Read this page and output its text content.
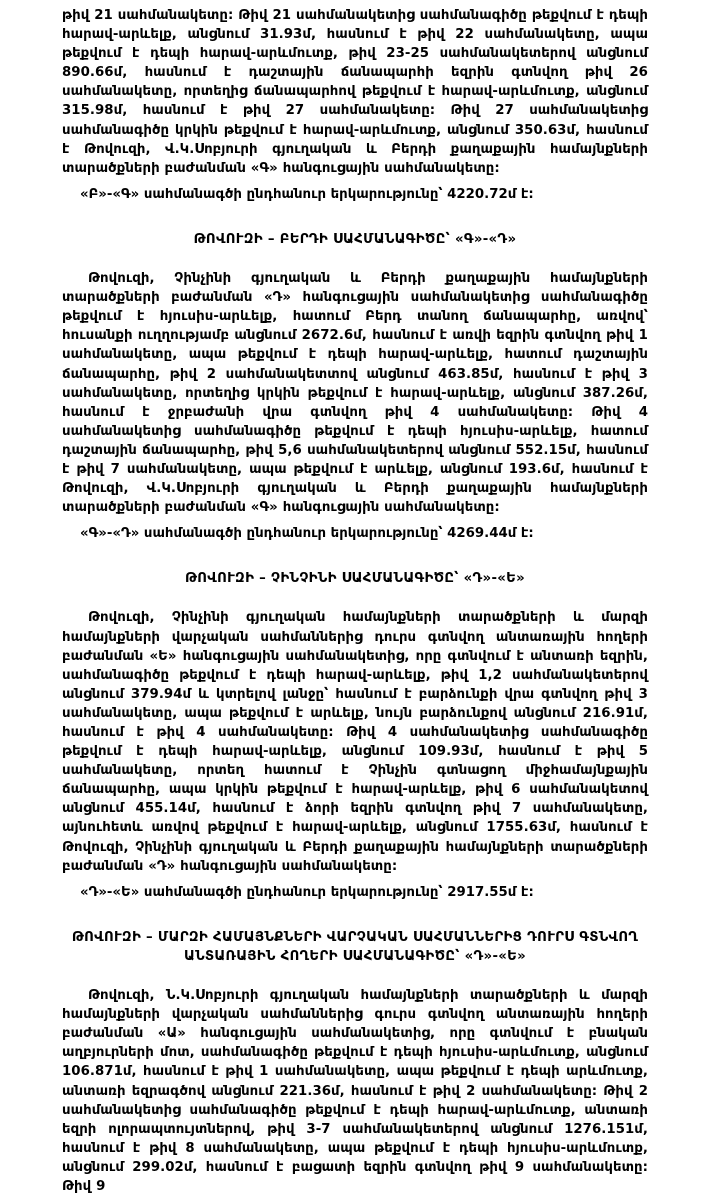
թիվ 21 սահմանակետը: Թիվ 21 սահմանակետից սահմանագիծը թեքվում է դեպի հարավ-արևելք, անցնում 31.93մ, հասնում է թիվ 22 սահմանակետը, ապա թեքվում է դեպի հարավ-արևմուտք, թիվ 23-25 սահմանակետերով անցնում 890.66մ, հասնում է դաշտային ճանապարհի եզրին գտնվող թիվ 26 սահմանակետը, որտեղից ճանապարհով թեքվում է հարավ-արևմուտք, անցնում 315.98մ, հասնում է թիվ 27 սահմանակետը: Թիվ 27 սահմանակետից սահմանագիծը կրկին թեքվում է հարավ-արևմուտք, անցնում 350.63մ, հասնում է Թովուզի, Վ.Կ.Սոբյուրի գյուղական և Բերդի քաղաքային համայնքների տարածքների բաժանման «Գ» հանգուցային սահմանակետը:

«Բ»-«Գ» սահմանագծի ընդհանուր երկարությունը՝ 4220.72մ է:

ԹՈՎՈՒԶԻ – ԲԵՐԴԻ ՍԱՀՄԱՆԱԳԻԾԸ՝ «Գ»-«Դ»

Թովուզի, Չինչինի գյուղական և Բերդի քաղաքային համայնքների տարածքների բաժանման «Դ» հանգուցային սահմանակետից սահմանագիծը թեքվում է հյուսիս-արևելք, հատում Բերդ տանող ճանապարհը, առվով՝ հուսանքի ուղղությամբ անցնում 2672.6մ, հասնում է առվի եզրին գտնվող թիվ 1 սահմանակետը, ապա թեքվում է դեպի հարավ-արևելք, հատում դաշտային ճանապարհը, թիվ 2 սահմանակետտով անցնում 463.85մ, հասնում է թիվ 3 սահմանակետը, որտեղից կրկին թեքվում է հարավ-արևելք, անցնում 387.26մ, հասնում է ջրբաժանի վրա գտնվող թիվ 4 սահմանակետը: Թիվ 4 սահմանակետից սահմանագիծը թեքվում է դեպի հյուսիս-արևելք, հատում դաշտային ճանապարհը, թիվ 5,6 սահմանակետերով անցնում 552.15մ, հասնում է թիվ 7 սահմանակետը, ապա թեքվում է արևելք, անցնում 193.6մ, հասնում է Թովուզի, Վ.Կ.Սոբյուրի գյուղական և Բերդի քաղաքային համայնքների տարածքների բաժանման «Գ» հանգուցային սահմանակետը:

«Գ»-«Դ» սահմանագծի ընդհանուր երկարությունը՝ 4269.44մ է:

ԹՈՎՈՒԶԻ – ՉԻՆՉԻՆԻ ՍԱՀՄԱՆԱԳԻԾԸ՝ «Դ»-«Ե»

Թովուզի, Չինչինի գյուղական համայնքների տարածքների և մարզի համայնքների վարչական սահմաններից դուրս գտնվող անտառային հողերի բաժանման «Ե» հանգուցային սահմանակետից, որը գտնվում է անտառի եզրին, սահմանագիծը թեքվում է դեպի հարավ-արևելք, թիվ 1,2 սահմանակետերով անցնում 379.94մ և կտրելով լանջը՝ հասնում է բարձունքի վրա գտնվող թիվ 3 սահմանակետը, ապա թեքվում է արևելք, նույն բարձունքով անցնում 216.91մ, հասնում է թիվ 4 սահմանակետը: Թիվ 4 սահմանակետից սահմանագիծը թեքվում է դեպի հարավ-արևելք, անցնում 109.93մ, հասնում է թիվ 5 սահմանակետը, որտեղ հատում է Չինչին գտնացող միջհամայնքային ճանապարհը, ապա կրկին թեքվում է հարավ-արևելք, թիվ 6 սահմանակետով անցնում 455.14մ, հասնում է ձորի եզրին գտնվող թիվ 7 սահմանակետը, այնուհետև առվով թեքվում է հարավ-արևելք, անցնում 1755.63մ, հասնում է Թովուզի, Չինչինի գյուղական և Բերդի քաղաքային համայնքների տարածքների բաժանման «Դ» հանգուցային սահմանակետը:

«Դ»-«Ե» սահմանագծի ընդհանուր երկարությունը՝ 2917.55մ է:

ԹՈՎՈՒԶԻ – ՄԱՐԶԻ ՀԱՄԱՅՆՔՆԵՐԻ ՎԱՐՉԱԿԱՆ ՍԱՀՄԱՆՆԵՐԻՑ ԴՈՒՐՍ ԳՏՆՎՈՂ
ԱՆՏԱՌԱՅԻՆ ՀՈՂԵՐԻ ՍԱՀՄԱՆԱԳԻԾԸ՝ «Դ»-«Ե»

Թովուզի, Ն.Կ.Սոբյուրի գյուղական համայնքների տարածքների և մարզի համայնքների վարչական սահմաններից գուրս գտնվող անտառային հողերի բաժանման «Ա» հանգուցային սահմանակետից, որը գտնվում է բնական աղբյուրների մոտ, սահմանագիծը թեքվում է դեպի հյուսիս-արևմուտք, անցնում 106.871մ, հասնում է թիվ 1 սահմանակետը, ապա թեքվում է դեպի արևմուտք, անտառի եզրագծով անցնում 221.36մ, հասնում է թիվ 2 սահմանակետը: Թիվ 2 սահմանակետից սահմանագիծը թեքվում է դեպի հարավ-արևմուտք, անտառի եզրի ոլորապտույտներով, թիվ 3-7 սահմանակետերով անցնում 1276.151մ, հասնում է թիվ 8 սահմանակետը, ապա թեքվում է դեպի հյուսիս-արևմուտք, անցնում 299.02մ, հասնում է բացատի եզրին գտնվող թիվ 9 սահմանակետը: Թիվ 9
